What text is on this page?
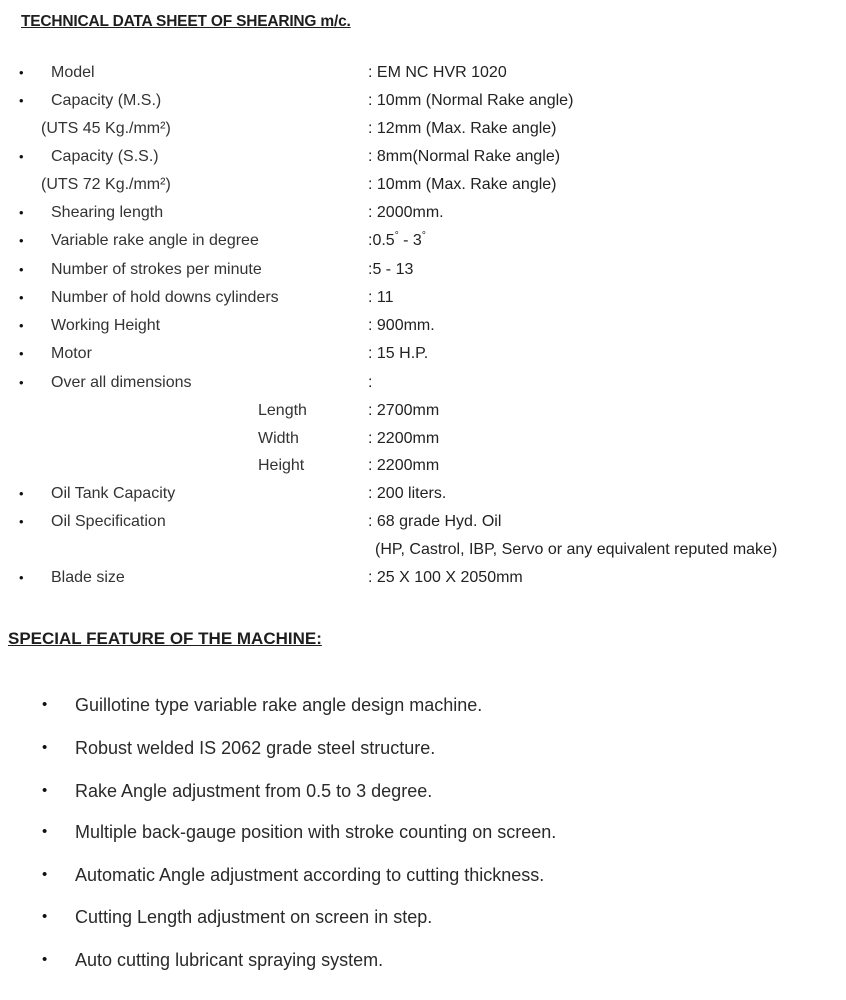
TECHNICAL DATA SHEET OF SHEARING m/c.
• Model	: EM NC HVR 1020
• Capacity (M.S.)	: 10mm (Normal Rake angle)
(UTS 45 Kg./mm²)	: 12mm (Max. Rake angle)
• Capacity (S.S.)	: 8mm(Normal Rake angle)
(UTS 72 Kg./mm²)	: 10mm (Max. Rake angle)
• Shearing length	: 2000mm.
• Variable rake angle in degree	:0.5° - 3°
• Number of strokes per minute	:5 - 13
• Number of hold downs cylinders	: 11
• Working Height	: 900mm.
• Motor	: 15 H.P.
• Over all dimensions	:
Length	: 2700mm
Width	: 2200mm
Height	: 2200mm
• Oil Tank Capacity	: 200 liters.
• Oil Specification	: 68 grade Hyd. Oil
(HP, Castrol, IBP, Servo or any equivalent reputed make)
• Blade size	: 25 X 100 X 2050mm
SPECIAL FEATURE OF THE MACHINE:
• Guillotine type variable rake angle design machine.
• Robust welded IS 2062 grade steel structure.
• Rake Angle adjustment from 0.5 to 3 degree.
• Multiple back-gauge position with stroke counting on screen.
• Automatic Angle adjustment according to cutting thickness.
• Cutting Length adjustment on screen in step.
• Auto cutting lubricant spraying system.
